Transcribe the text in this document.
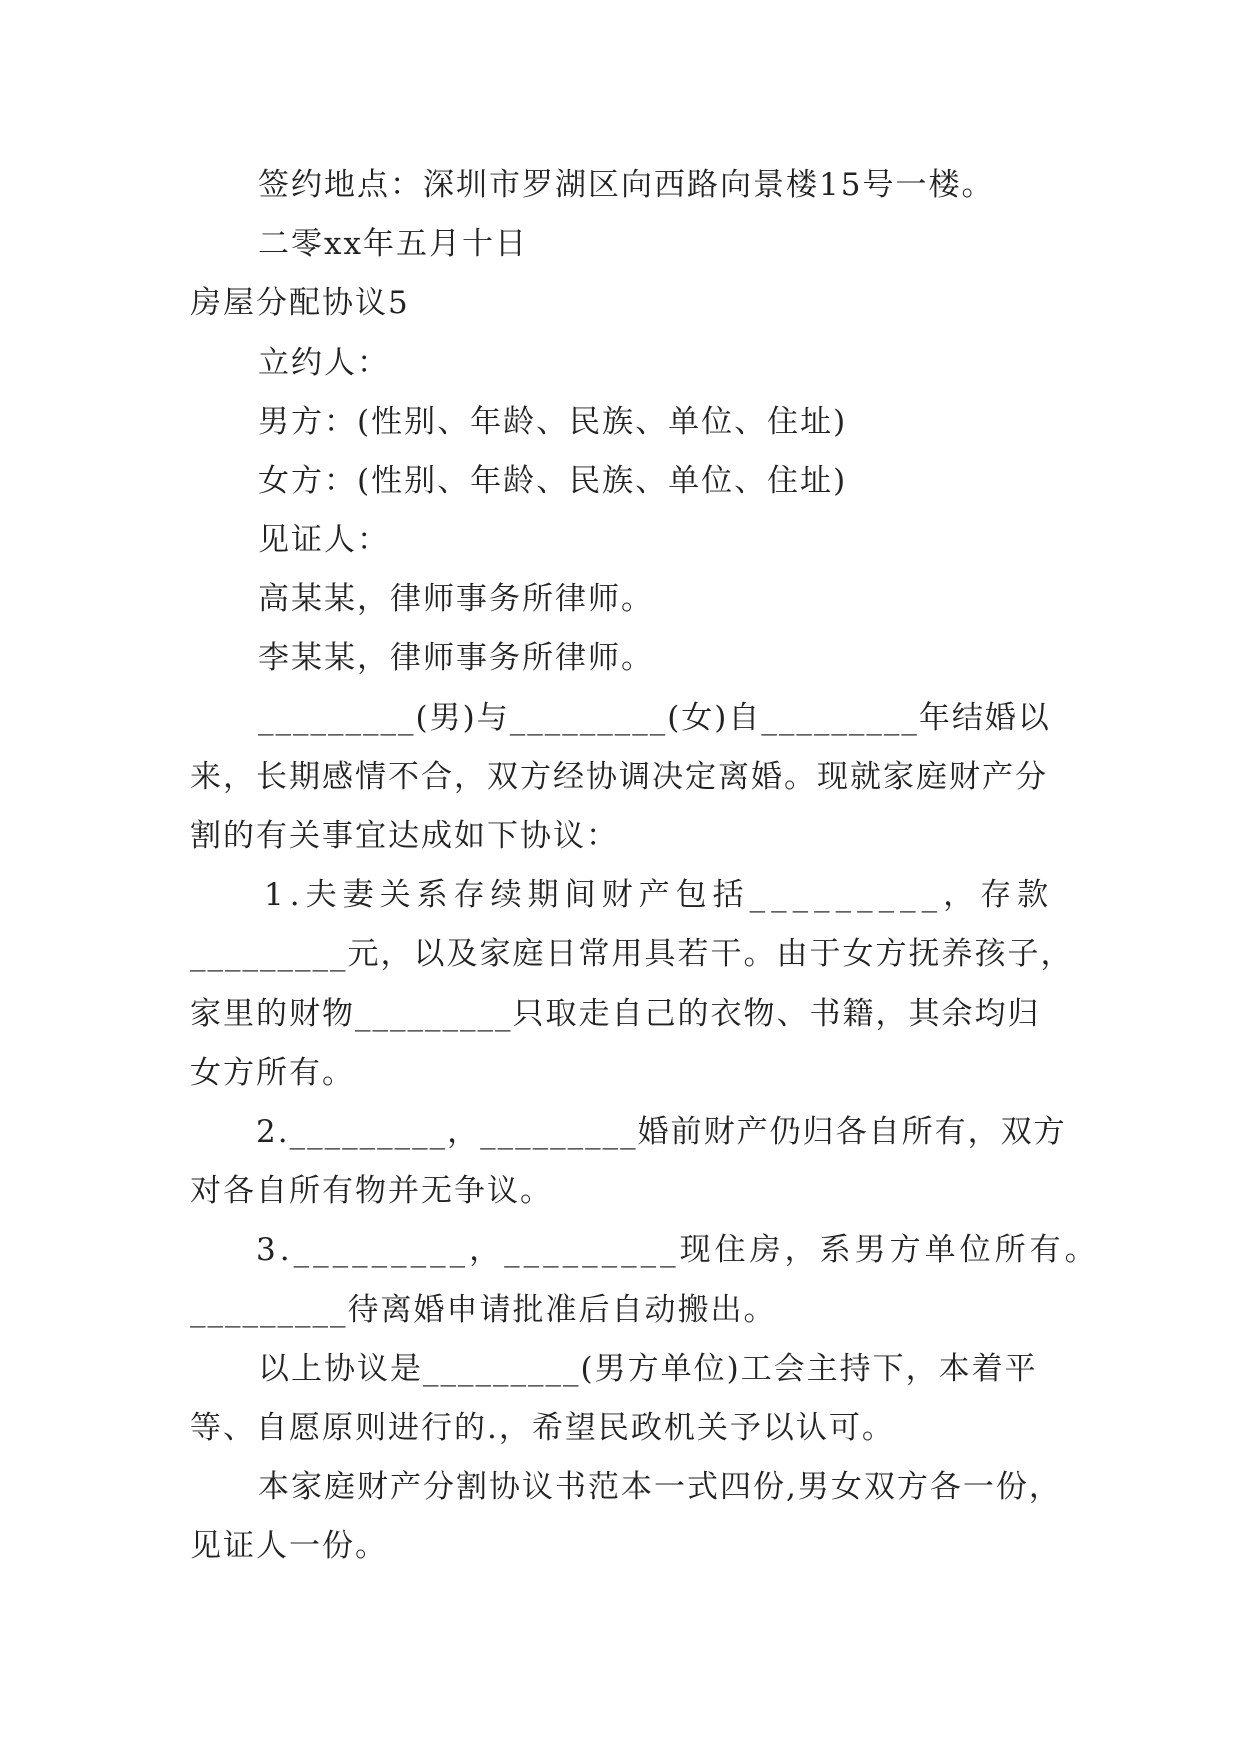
签约地点：深圳市罗湖区向西路向景楼15号一楼。
二零xx年五月十日
房屋分配协议5
立约人：
男方：(性别、年龄、民族、单位、住址)
女方：(性别、年龄、民族、单位、住址)
见证人：
高某某，律师事务所律师。
李某某，律师事务所律师。
_________(男)与_________(女)自_________年结婚以
来，长期感情不合，双方经协调决定离婚。现就家庭财产分
割的有关事宜达成如下协议：
1.夫妻关系存续期间财产包括_________，存款
_________元，以及家庭日常用具若干。由于女方抚养孩子，
家里的财物_________只取走自己的衣物、书籍，其余均归
女方所有。
2._________，_________婚前财产仍归各自所有，双方
对各自所有物并无争议。
3._________，_________现住房，系男方单位所有。
_________待离婚申请批准后自动搬出。
以上协议是_________(男方单位)工会主持下，本着平
等、自愿原则进行的.，希望民政机关予以认可。
本家庭财产分割协议书范本一式四份,男女双方各一份，
见证人一份。
